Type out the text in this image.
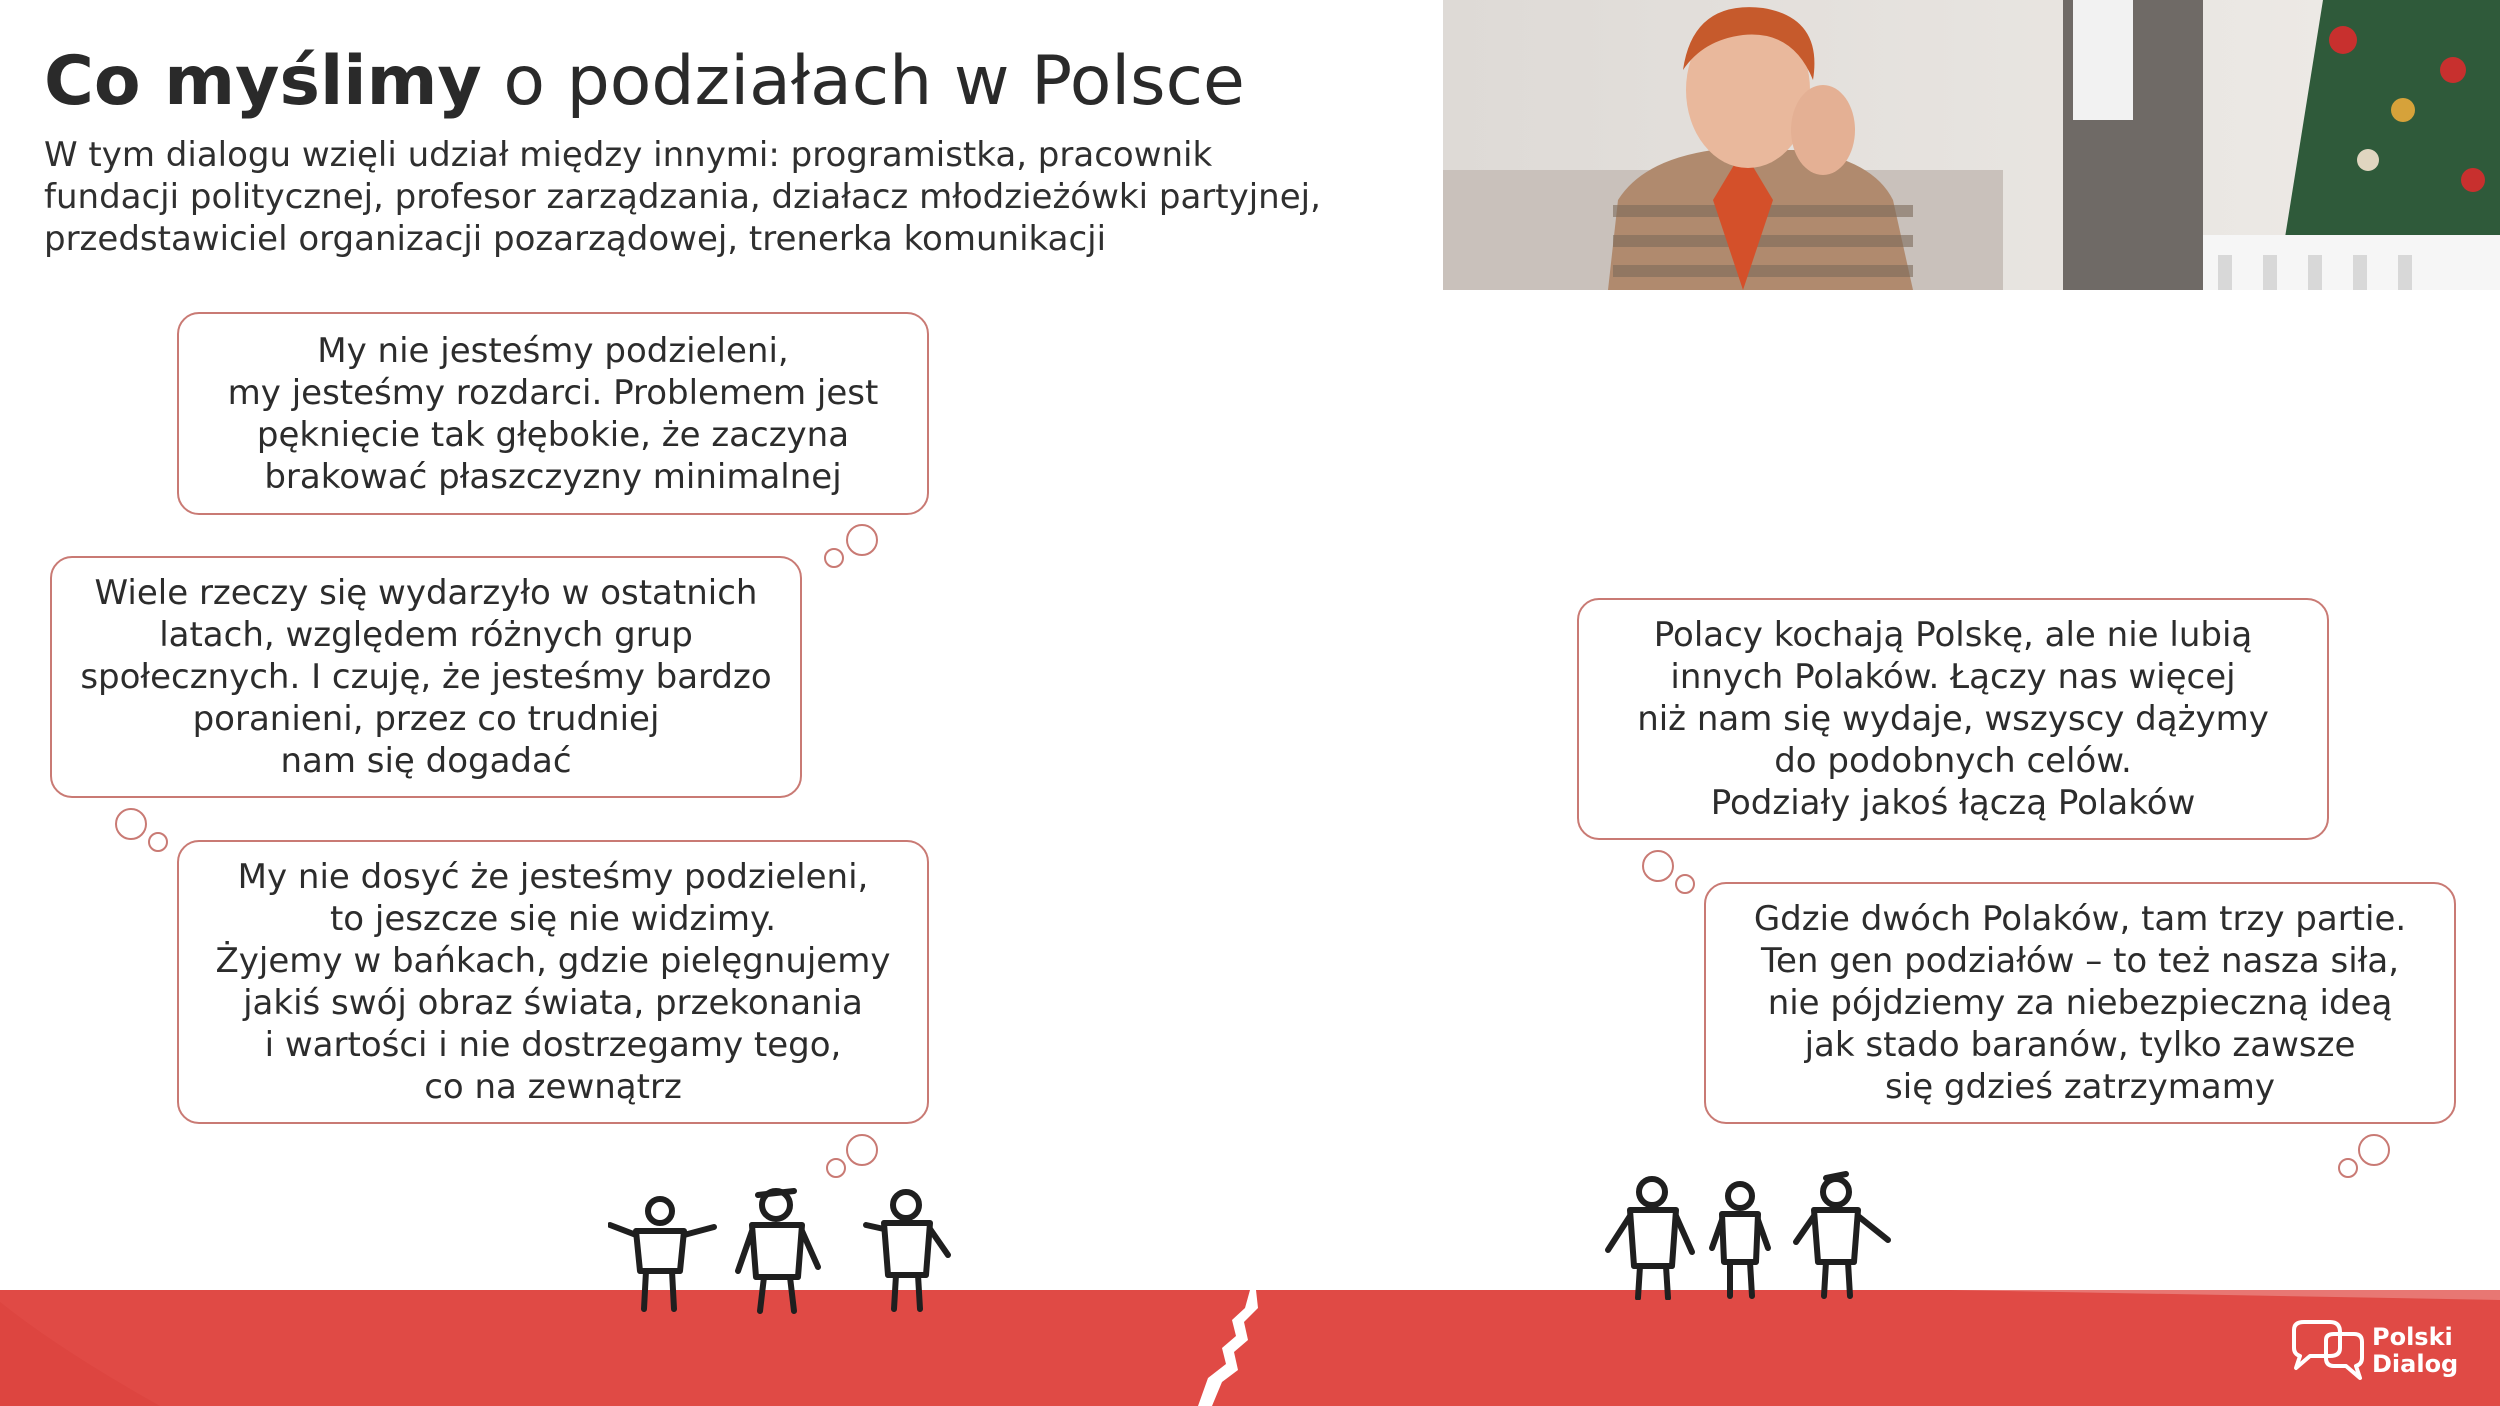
Co myślimy o podziałach w Polsce
W tym dialogu wzięli udział między innymi: programistka, pracownik
fundacji politycznej, profesor zarządzania, działacz młodzieżówki partyjnej,
przedstawiciel organizacji pozarządowej, trenerka komunikacji
My nie jesteśmy podzieleni,
my jesteśmy rozdarci. Problemem jest
pęknięcie tak głębokie, że zaczyna
brakować płaszczyzny minimalnej
Wiele rzeczy się wydarzyło w ostatnich
latach, względem różnych grup
społecznych. I czuję, że jesteśmy bardzo
poranieni, przez co trudniej
nam się dogadać
My nie dosyć że jesteśmy podzieleni,
to jeszcze się nie widzimy.
Żyjemy w bańkach, gdzie pielęgnujemy
jakiś swój obraz świata, przekonania
i wartości i nie dostrzegamy tego,
co na zewnątrz
Polacy kochają Polskę, ale nie lubią
innych Polaków. Łączy nas więcej
niż nam się wydaje, wszyscy dążymy
do podobnych celów.
Podziały jakoś łączą Polaków
Gdzie dwóch Polaków, tam trzy partie.
Ten gen podziałów – to też nasza siła,
nie pójdziemy za niebezpieczną ideą
jak stado baranów, tylko zawsze
się gdzieś zatrzymamy
Polski
Dialog
